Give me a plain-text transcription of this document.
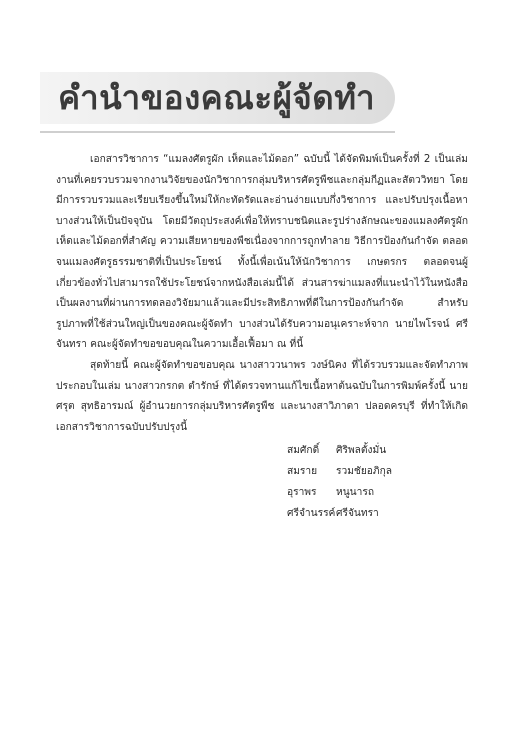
คำนำของคณะผู้จัดทำ

เอกสารวิชาการ “แมลงศัตรูผัก เห็ดและไม้ดอก” ฉบับนี้ ได้จัดพิมพ์เป็นครั้งที่ 2 เป็นเล่มงานที่เคยรวบรวมจากงานวิจัยของนักวิชาการกลุ่มบริหารศัตรูพืชและกลุ่มกีฏและสัตววิทยา โดยมีการรวบรวมและเรียบเรียงขึ้นใหม่ให้กะทัดรัดและอ่านง่ายแบบกึ่งวิชาการ และปรับปรุงเนื้อหาบางส่วนให้เป็นปัจจุบัน โดยมีวัตถุประสงค์เพื่อให้ทราบชนิดและรูปร่างลักษณะของแมลงศัตรูผัก เห็ดและไม้ดอกที่สำคัญ ความเสียหายของพืชเนื่องจากการถูกทำลาย วิธีการป้องกันกำจัด ตลอดจนแมลงศัตรูธรรมชาติที่เป็นประโยชน์ ทั้งนี้เพื่อเน้นให้นักวิชาการ เกษตรกร ตลอดจนผู้เกี่ยวข้องทั่วไปสามารถใช้ประโยชน์จากหนังสือเล่มนี้ได้ ส่วนสารฆ่าแมลงที่แนะนำไว้ในหนังสือเป็นผลงานที่ผ่านการทดลองวิจัยมาแล้วและมีประสิทธิภาพที่ดีในการป้องกันกำจัด สำหรับรูปภาพที่ใช้ส่วนใหญ่เป็นของคณะผู้จัดทำ บางส่วนได้รับความอนุเคราะห์จาก นายไพโรจน์ ศรีจันทรา คณะผู้จัดทำขอขอบคุณในความเอื้อเฟื้อมา ณ ที่นี้

สุดท้ายนี้ คณะผู้จัดทำขอขอบคุณ นางสาววนาพร วงษ์นิคง ที่ได้รวบรวมและจัดทำภาพประกอบในเล่ม นางสาวกรกต ตำรักษ์ ที่ได้ตรวจทานแก้ไขเนื้อหาต้นฉบับในการพิมพ์ครั้งนี้ นายศรุต สุทธิอารมณ์ ผู้อำนวยการกลุ่มบริหารศัตรูพืช และนางสาวิภาดา ปลอดครบุรี ที่ทำให้เกิดเอกสารวิชาการฉบับปรับปรุงนี้

สมศักดิ์	ศิริพลตั้งมั่น
สมราย	รวมชัยอภิกุล
อุราพร	หนูนารถ
ศรีจำนรรค์ ศรีจันทรา
